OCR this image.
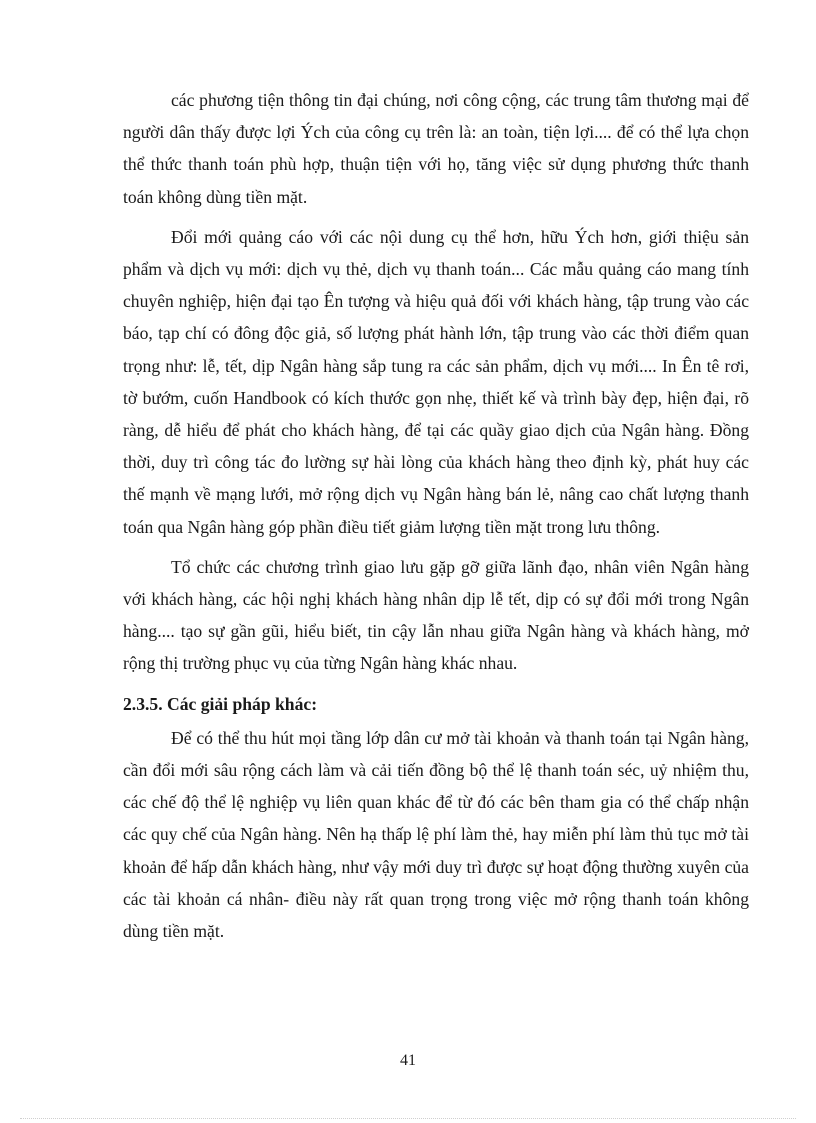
các phương tiện thông tin đại chúng, nơi công cộng, các trung tâm thương mại để người dân thấy được lợi Ých của công cụ trên là: an toàn, tiện lợi.... để có thể lựa chọn thể thức thanh toán phù hợp, thuận tiện với họ, tăng việc sử dụng phương thức thanh toán không dùng tiền mặt.

Đổi mới quảng cáo với các nội dung cụ thể hơn, hữu Ých hơn, giới thiệu sản phẩm và dịch vụ mới: dịch vụ thẻ, dịch vụ thanh toán... Các mẫu quảng cáo mang tính chuyên nghiệp, hiện đại tạo Ên tượng và hiệu quả đối với khách hàng, tập trung vào các báo, tạp chí có đông độc giả, số lượng phát hành lớn, tập trung vào các thời điểm quan trọng như: lễ, tết, dịp Ngân hàng sắp tung ra các sản phẩm, dịch vụ mới.... In Ên tê rơi, tờ bướm, cuốn Handbook có kích thước gọn nhẹ, thiết kế và trình bày đẹp, hiện đại, rõ ràng, dễ hiểu để phát cho khách hàng, để tại các quầy giao dịch của Ngân hàng. Đồng thời, duy trì công tác đo lường sự hài lòng của khách hàng theo định kỳ, phát huy các thế mạnh về mạng lưới, mở rộng dịch vụ Ngân hàng bán lẻ, nâng cao chất lượng thanh toán qua Ngân hàng góp phần điều tiết giảm lượng tiền mặt trong lưu thông.

Tổ chức các chương trình giao lưu gặp gỡ giữa lãnh đạo, nhân viên Ngân hàng với khách hàng, các hội nghị khách hàng nhân dịp lễ tết, dịp có sự đổi mới trong Ngân hàng.... tạo sự gần gũi, hiểu biết, tin cậy lẫn nhau giữa Ngân hàng và khách hàng, mở rộng thị trường phục vụ của từng Ngân hàng khác nhau.

2.3.5. Các giải pháp khác:

Để có thể thu hút mọi tầng lớp dân cư mở tài khoản và thanh toán tại Ngân hàng, cần đổi mới sâu rộng cách làm và cải tiến đồng bộ thể lệ thanh toán séc, uỷ nhiệm thu, các chế độ thể lệ nghiệp vụ liên quan khác để từ đó các bên tham gia có thể chấp nhận các quy chế của Ngân hàng. Nên hạ thấp lệ phí làm thẻ, hay miễn phí làm thủ tục mở tài khoản để hấp dẫn khách hàng, như vậy mới duy trì được sự hoạt động thường xuyên của các tài khoản cá nhân- điều này rất quan trọng trong việc mở rộng thanh toán không dùng tiền mặt.

41
